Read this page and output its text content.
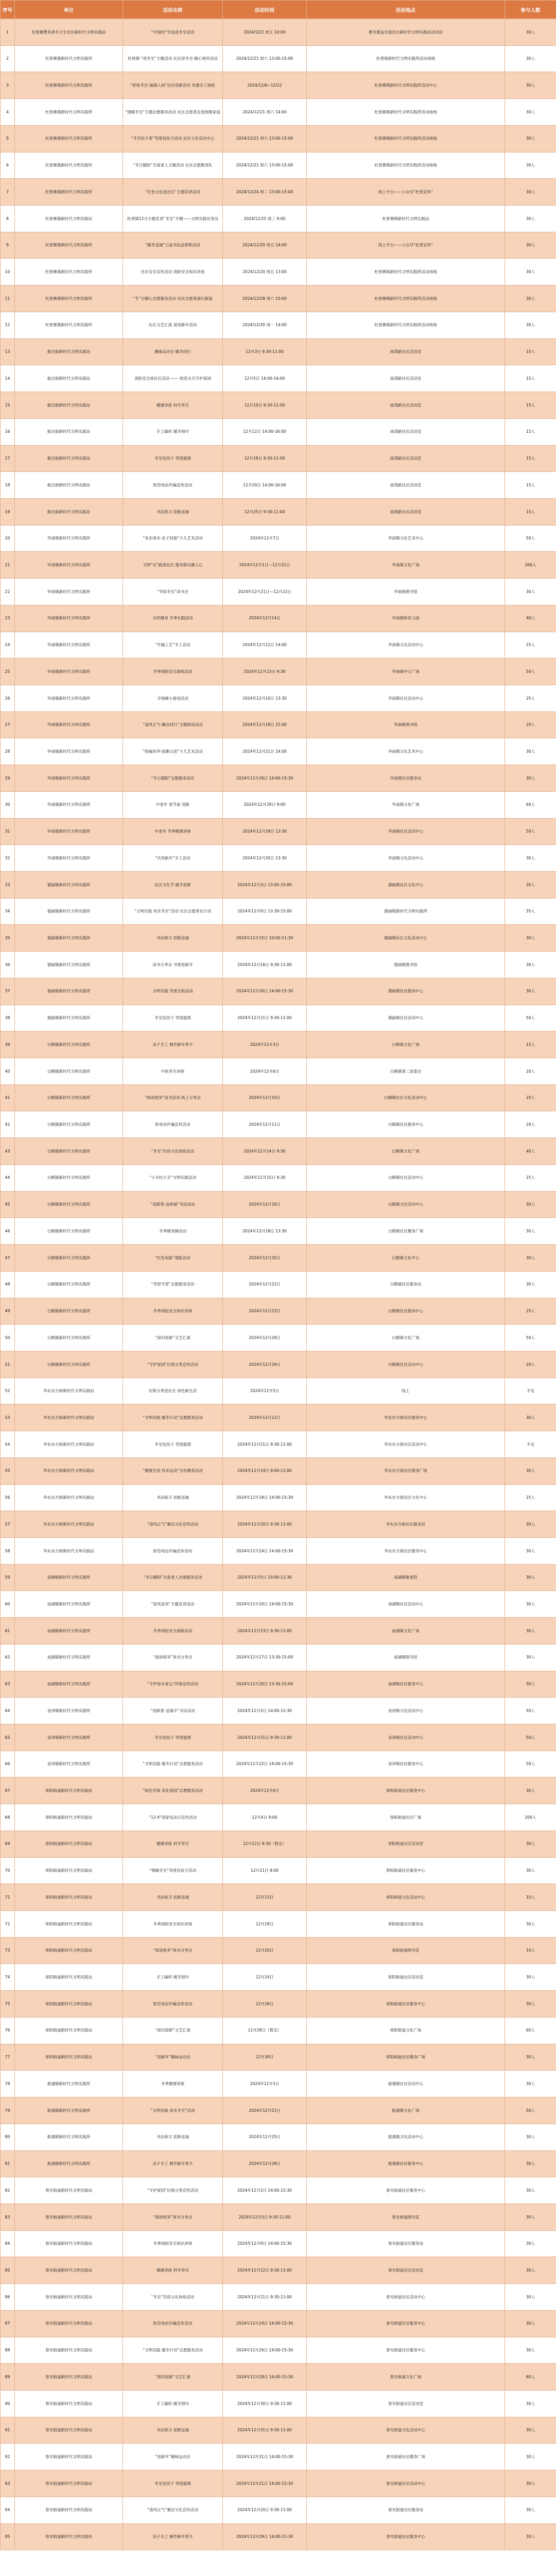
序号	单位	活动名称	活动时间	活动地点	参与人数
1	杜曾赛慧务者冬天生住区新时代文明实践站	“中国结”学品迎冬至活动	2024/12/2 周五 10:00	曹冬塞益共度住区新时代文明实践站活动站	30人
2	杜曾赛镇新时代文明实践所	杜曾镇·“迎冬至”主题活动 社区迎冬至·暖心相伴活动	2024/12/21 周六 13:00-15:00	杜曾镇新时代文明实践所活动场地	30人
3	杜曾赛镇新时代文明实践所	“彩绘冬至·福满人间”社区迎新活动 非遗手工体验	2024/12/6~12/22	杜曾赛镇新时代文明实践所活动中心	30人
4	杜曾赛镇新时代文明实践所	“情暖冬至”主题志愿服务活动 社区志愿者走进困难家庭	2024/12/21 周六 14:00	杜曾赛镇新时代文明实践所活动场地	30人
5	杜曾赛镇新时代文明实践所	“冬至饺子香”邻里包饺子活动 社区文化活动中心	2024/12/21 周六 13:00-15:00	杜曾赛镇新时代文明实践所活动场地	30人
6	杜曾赛镇新时代文明实践所	“冬日暖阳”关爱老人主题活动 社区志愿服务队	2024/12/21 周六 13:00-15:00	杜曾赛镇新时代文明实践所活动场地	30人
7	杜曾赛镇新时代文明实践所	“红色文化进社区”主题宣讲活动	2024/12/24 周二 13:00-15:00	线上平台——公众号“杜曾宣传”	30人
8	杜曾赛镇新时代文明实践站	杜曾镇12月主题宣讲“冬至”专题——文明实践在身边	2024/12/25 周三 9:00	杜曾赛镇新时代文明实践站	30人
9	杜曾赛镇新时代文明实践所	“暖冬送福”公益书法送春联活动	2024/12/20 周五 14:00	线上平台——公众号“杜曾宣传”	30人
10	杜曾赛镇新时代文明实践所	社区安全宣传活动 消防安全知识讲座	2024/12/20 周五 13:00	杜曾赛镇新时代文明实践所活动场地	30人
11	杜曾赛镇新时代文明实践所	“冬”日暖心志愿服务活动 社区志愿者清扫街道	2024/12/28 周六 10:00	杜曾赛镇新时代文明实践所活动场地	30人
12	杜曾赛镇新时代文明实践所	社区文艺汇演 喜迎新年活动	2024/12/30 周一 14:00	杜曾赛镇新时代文明实践所活动场地	30人
13	振达街新时代文明实践站	趣味运动会 暖冬同行	12月3日 9:30-11:00	南湾路社区活动室	15人
14	振达街新时代文明实践站	消防安全进社区活动 —— 防范火灾守护家园	12月5日 14:00-16:00	南湾路社区活动室	15人
15	振达街新时代文明实践站	健康讲座 科学养生	12月10日 9:30-11:00	南湾路社区活动室	15人
16	振达街新时代文明实践站	手工编织 暖冬围巾	12月12日 14:00-16:00	南湾路社区活动室	15人
17	振达街新时代文明实践站	冬至包饺子 邻里温情	12月18日 9:30-11:00	南湾路社区活动室	15人
18	振达街新时代文明实践站	防范电信诈骗宣传活动	12月20日 14:00-16:00	南湾路社区活动室	15人
19	振达街新时代文明实践站	书法练习 迎新送福	12月25日 9:30-11:00	南湾路社区活动室	15人
20	华南镇新时代文明实践所	“欢乐周末·亲子同游”少儿艺术活动	2024年12月7日	华南镇文化艺术中心	50人
21	华南镇新时代文明实践所	文明“实”践进社区 服务群众暖人心	2024年12月1日—12月31日	华南镇文化广场	200人
22	华南镇新时代文明实践所	“华韵冬至”读书会	2024年12月21日—12月22日	华南镇图书馆	30人
23	华南镇新时代文明实践所	全民健身 冬季长跑活动	2024年12月14日	华南镇体育公园	40人
24	华南镇新时代文明实践所	“竹编工艺”手工活动	2024年12月12日 14:00	华南镇文化活动中心	25人
25	华南镇新时代文明实践所	冬季消防安全演练活动	2024年12月13日 9:30	华南镇中心广场	50人
26	华南镇新时代文明实践所	手指操小游戏活动	2024年12月10日 13:30	华南镇社区活动中心	25人
27	华南镇新时代文明实践所	“清风正气·廉洁同行”主题阅读活动	2024年12月18日 15:00	华南镇图书馆	20人
28	华南镇新时代文明实践所	“绘编风华·国潮文创”少儿艺术活动	2024年12月21日 14:00	华南镇文化艺术中心	30人
29	华南镇新时代文明实践所	“冬日暖阳”志愿服务活动	2024年12月26日 14:00-15:30	华南镇社区服务站	30人
30	华南镇新时代文明实践所	中老年 春节前 迎新	2024年12月28日 9:00	华南镇文化广场	60人
31	华南镇新时代文明实践所	中老年 冬季健康讲座	2024年12月29日 13:30	华南镇社区活动中心	50人
32	华南镇新时代文明实践所	“庆祝新年”手工活动	2024年12月30日 13:30	华南镇文化活动中心	30人
33	德丽镇新时代文明实践所	社区文化节 暖冬迎新	2024年12月3日 13:00-15:00	德丽镇社区文化中心	35人
34	德丽镇新时代文明实践所	“文明实践 欢乐冬至”活动 社区志愿者在行动	2024年12月9日 13:30-15:00	德丽镇新时代文明实践所	35人
35	德丽镇新时代文明实践所	书法练习 迎新送福	2024年12月15日 10:00-11:30	德丽镇社区文化活动中心	30人
36	德丽镇新时代文明实践所	读书分享会 书香迎新年	2024年12月16日 9:30-11:00	德丽镇图书馆	30人
37	德丽镇新时代文明实践所	文明实践 邻里互助活动	2024年12月20日 14:00-15:30	德丽镇社区服务中心	30人
38	德丽镇新时代文明实践所	冬至包饺子 邻里温情	2024年12月21日 9:30-11:00	德丽镇社区活动中心	50人
39	白鹤镇新时代文明实践所	亲子手工 制作新年贺卡	2024年12月3日	白鹤镇文化广场	15人
40	白鹤镇新时代文明实践所	中医养生讲座	2024年12月6日	白鹤镇第二居委会	20人
41	白鹤镇新时代文明实践所	“阅读悦享”读书活动 线上分享会	2024年12月10日	白鹤镇社区文化活动中心	25人
42	白鹤镇新时代文明实践所	防电信诈骗宣传活动	2024年12月11日	白鹤镇社区服务中心	20人
43	白鹤镇新时代文明实践所	“冬至”民俗文化体验活动	2024年12月14日 9:30	白鹤镇文化广场	40人
44	白鹤镇新时代文明实践所	“小手拉大手”文明实践活动	2024年12月15日 9:30	白鹤镇社区活动中心	25人
45	白鹤镇新时代文明实践所	“迎新春 送祝福”书法活动	2024年12月16日	白鹤镇文化活动中心	30人
46	白鹤镇新时代文明实践所	冬季健身操活动	2024年12月18日 13:30	白鹤镇社区健身广场	30人
47	白鹤镇新时代文明实践所	“红色电影”观影活动	2024年12月20日	白鹤镇文化中心	30人
48	白鹤镇新时代文明实践所	“邻里守望”志愿服务活动	2024年12月22日	白鹤镇社区服务站	30人
49	白鹤镇新时代文明实践所	冬季消防安全知识讲座	2024年12月23日	白鹤镇社区服务中心	25人
50	白鹤镇新时代文明实践所	“辞旧迎新”文艺汇演	2024年12月28日	白鹤镇文化广场	50人
51	白鹤镇新时代文明实践所	“守护家园”垃圾分类宣传活动	2024年12月29日	白鹤镇社区活动中心	20人
52	华东东方街新时代文明实践站	垃圾分类进社区 绿色新生活	2024年12月5日	线上	不定
53	华东东方街新时代文明实践站	“文明实践 暖冬行动”志愿服务活动	2024年12月12日	华东东方街社区服务中心	30人
54	华东东方街新时代文明实践站	冬至包饺子 邻里温情	2024年12月21日 9:30-11:00	华东东方街社区活动中心	不定
55	华东东方街新时代文明实践站	“健康生活 快乐运动”全民健身活动	2024年12月14日 9:00-11:00	华东东方街社区健身广场	30人
56	华东东方街新时代文明实践站	书法练习 迎新送福	2024年12月18日 14:00-15:30	华东东方街社区文化中心	25人
57	华东东方街新时代文明实践站	“清风正气”廉洁文化宣传活动	2024年12月20日 9:30-11:00	华东东方街社区服务站	30人
58	华东东方街新时代文明实践站	防范电信诈骗宣传活动	2024年12月24日 14:00-15:30	华东东方街社区服务中心	30人
59	南湖镇新时代文明实践所	“冬日暖阳”关爱老人志愿服务活动	2024年12月5日 10:00-11:30	南湖镇敬老院	30人
60	南湖镇新时代文明实践所	“家风家训”主题宣讲活动	2024年12月10日 14:00-15:30	南湖镇社区活动中心	30人
61	南湖镇新时代文明实践所	冬季消防安全演练活动	2024年12月13日 9:30-11:00	南湖镇文化广场	30人
62	南湖镇新时代文明实践所	“阅读悦享”读书分享会	2024年12月17日 13:30-15:00	南湖镇图书馆	30人
63	南湖镇新时代文明实践所	“守护绿水青山”环保宣传活动	2024年12月20日 13:30-15:00	南湖镇社区服务中心	30人
64	金泽镇新时代文明实践所	“迎新春 送福字”书法活动	2024年12月3日 14:00-15:30	金泽镇文化活动中心	50人
65	金泽镇新时代文明实践所	冬至包饺子 邻里温情	2024年12月21日 9:30-11:00	金泽镇社区活动中心	50人
66	金泽镇新时代文明实践所	“文明实践 暖冬行动”志愿服务活动	2024年12月22日 14:00-15:30	金泽镇社区服务中心	50人
67	常阳街道新时代文明实践站	“绿色环保 美化家园”志愿服务活动	2024年12月6日	常阳街道社区服务中心	30人
68	常阳街道新时代文明实践站	“12·4”国家宪法日宣传活动	12月4日 9:00	常阳街道社区广场	200人
69	常阳街道新时代文明实践站	健康讲座 科学养生	12月12日 9:30（暂定）	常阳街道社区活动室	30人
70	常阳街道新时代文明实践站	“情暖冬至”邻里包饺子活动	12月21日 9:00	常阳街道社区服务中心	30人
71	常阳街道新时代文明实践站	书法练习 迎新送福	12月13日	常阳街道文化活动中心	10人
72	常阳街道新时代文明实践站	冬季消防安全知识讲座	12月18日	常阳街道社区服务站	30人
73	常阳街道新时代文明实践站	“阅读悦享”读书分享会	12月20日	常阳街道图书室	10人
74	常阳街道新时代文明实践站	手工编织 暖冬围巾	12月24日	常阳街道社区活动室	30人
75	常阳街道新时代文明实践站	防范电信诈骗宣传活动	12月26日	常阳街道社区服务中心	30人
76	常阳街道新时代文明实践站	“辞旧迎新”文艺汇演	12月28日（暂定）	常阳街道文化广场	60人
77	常阳街道新时代文明实践站	“迎新年”趣味运动会	12月30日	常阳街道社区健身广场	30人
78	振通镇新时代文明实践所	冬季健康讲座	2024年12月3日	振通镇社区活动中心	30人
79	振通镇新时代文明实践所	“文明实践 欢乐冬至”活动	2024年12月21日	振通镇文化广场	50人
80	振通镇新时代文明实践所	书法练习 迎新送福	2024年12月25日	振通镇文化活动中心	30人
81	振通镇新时代文明实践所	亲子手工 制作新年贺卡	2024年12月28日	振通镇社区服务中心	30人
82	春光街道新时代文明实践站	“守护家园”垃圾分类宣传活动	2024年12月2日 14:00-15:30	春光街道社区服务中心	30人
83	春光街道新时代文明实践站	“阅读悦享”读书分享会	2024年12月5日 9:30-11:00	春光街道图书室	30人
84	春光街道新时代文明实践站	冬季消防安全知识讲座	2024年12月9日 14:00-15:30	春光街道社区服务站	30人
85	春光街道新时代文明实践站	健康讲座 科学养生	2024年12月12日 9:30-11:00	春光街道社区活动室	30人
86	春光街道新时代文明实践站	“冬至”民俗文化体验活动	2024年12月21日 9:30-11:00	春光街道社区活动中心	30人
87	春光街道新时代文明实践站	防范电信诈骗宣传活动	2024年12月24日 14:00-15:30	春光街道社区服务中心	30人
88	春光街道新时代文明实践站	“文明实践 暖冬行动”志愿服务活动	2024年12月26日 14:00-15:30	春光街道社区服务中心	30人
89	春光街道新时代文明实践站	“辞旧迎新”文艺汇演	2024年12月28日 14:00-15:30	春光街道文化广场	60人
90	春光街道新时代文明实践站	手工编织 暖冬围巾	2024年12月30日 9:30-11:00	春光街道社区活动室	30人
91	春光街道新时代文明实践站	书法练习 迎新送福	2024年12月31日 9:30-11:00	春光街道文化活动中心	30人
92	春光街道新时代文明实践站	“迎新年”趣味运动会	2024年12月31日 14:00-15:30	春光街道社区健身广场	30人
93	春光街道新时代文明实践站	冬至包饺子 邻里温情	2024年12月21日 14:00-15:30	春光街道社区活动中心	30人
94	春光街道新时代文明实践站	“清风正气”廉洁文化宣传活动	2024年12月20日 9:30-11:00	春光街道社区服务站	30人
95	春光街道新时代文明实践站	亲子手工 制作新年贺卡	2024年12月29日 14:00-15:30	春光街道社区服务中心	30人
